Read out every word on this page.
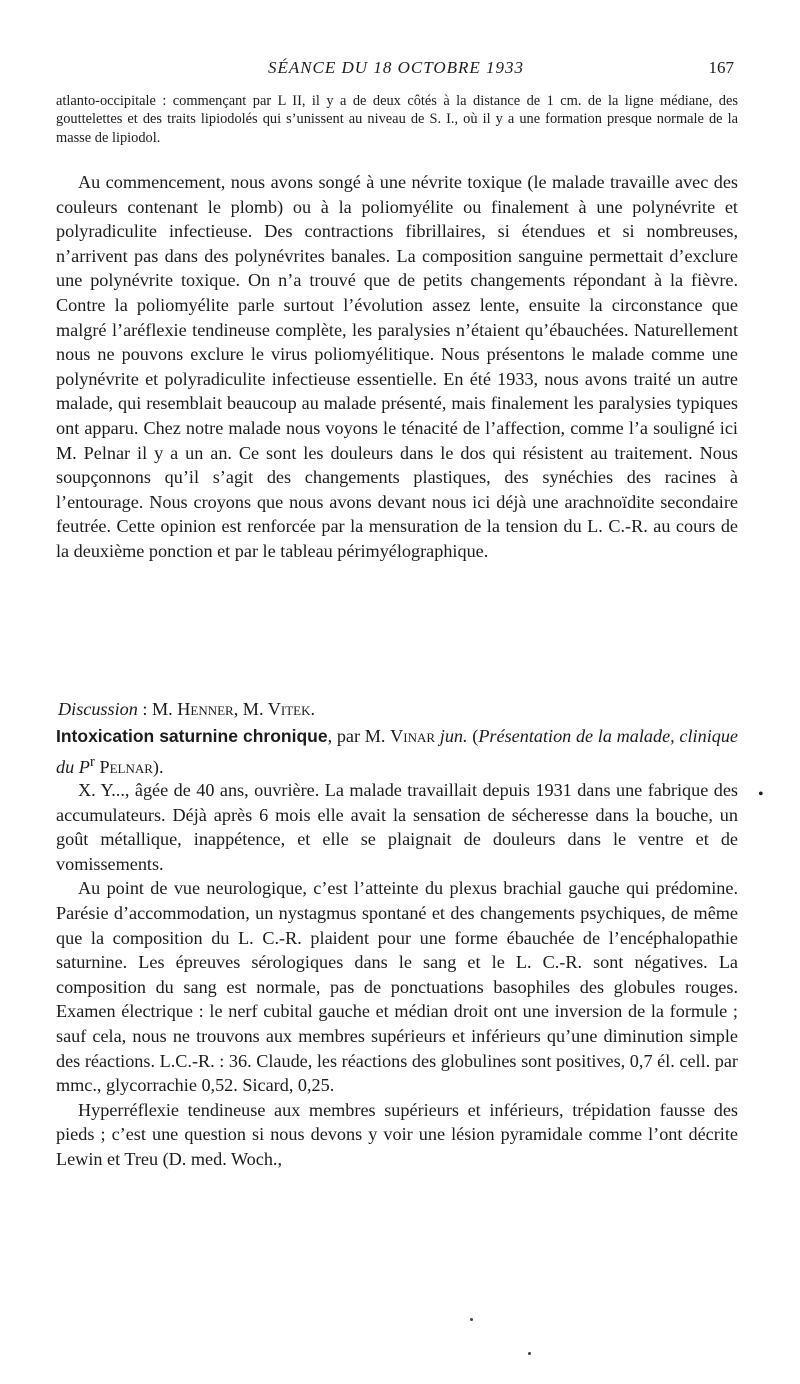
SÉANCE DU 18 OCTOBRE 1933	167

atlanto-occipitale : commençant par L II, il y a de deux côtés à la distance de 1 cm. de la ligne médiane, des gouttelettes et des traits lipiodolés qui s’unissent au niveau de S. I., où il y a une formation presque normale de la masse de lipiodol.

Au commencement, nous avons songé à une névrite toxique (le malade travaille avec des couleurs contenant le plomb) ou à la poliomyélite ou finalement à une polynévrite et polyradiculite infectieuse. Des contractions fibrillaires, si étendues et si nombreuses, n’arrivent pas dans des polynévrites banales. La composition sanguine permettait d’exclure une polynévrite toxique. On n’a trouvé que de petits changements répondant à la fièvre. Contre la poliomyélite parle surtout l’évolution assez lente, ensuite la circonstance que malgré l’aréflexie tendineuse complète, les paralysies n’étaient qu’ébauchées. Naturellement nous ne pouvons exclure le virus poliomyélitique. Nous présentons le malade comme une polynévrite et polyradiculite infectieuse essentielle. En été 1933, nous avons traité un autre malade, qui resemblait beaucoup au malade présenté, mais finalement les paralysies typiques ont apparu. Chez notre malade nous voyons le ténacité de l’affection, comme l’a souligné ici M. Pelnar il y a un an. Ce sont les douleurs dans le dos qui résistent au traitement. Nous soupçonnons qu’il s’agit des changements plastiques, des synéchies des racines à l’entourage. Nous croyons que nous avons devant nous ici déjà une arachnoïdite secondaire feutrée. Cette opinion est renforcée par la mensuration de la tension du L. C.-R. au cours de la deuxième ponction et par le tableau périmyélographique.

Discussion : M. Henner, M. Vitek.
Intoxication saturnine chronique, par M. Vinar jun. (Présentation de la malade, clinique du $P^r$ Pelnar).

X. Y..., âgée de 40 ans, ouvrière. La malade travaillait depuis 1931 dans une fabrique des accumulateurs. Déjà après 6 mois elle avait la sensation de sécheresse dans la bouche, un goût métallique, inappétence, et elle se plaignait de douleurs dans le ventre et de vomissements.

Au point de vue neurologique, c’est l’atteinte du plexus brachial gauche qui prédomine. Parésie d’accommodation, un nystagmus spontané et des changements psychiques, de même que la composition du L. C.-R. plaident pour une forme ébauchée de l’encéphalopathie saturnine. Les épreuves sérologiques dans le sang et le L. C.-R. sont négatives. La composition du sang est normale, pas de ponctuations basophiles des globules rouges. Examen électrique : le nerf cubital gauche et médian droit ont une inversion de la formule ; sauf cela, nous ne trouvons aux membres supérieurs et inférieurs qu’une diminution simple des réactions. L.C.-R. : 36. Claude, les réactions des globulines sont positives, 0,7 él. cell. par mmc., glycorrachie 0,52. Sicard, 0,25.

Hyperréflexie tendineuse aux membres supérieurs et inférieurs, trépidation fausse des pieds ; c’est une question si nous devons y voir une lésion pyramidale comme l’ont décrite Lewin et Treu (D. med. Woch.,

•
